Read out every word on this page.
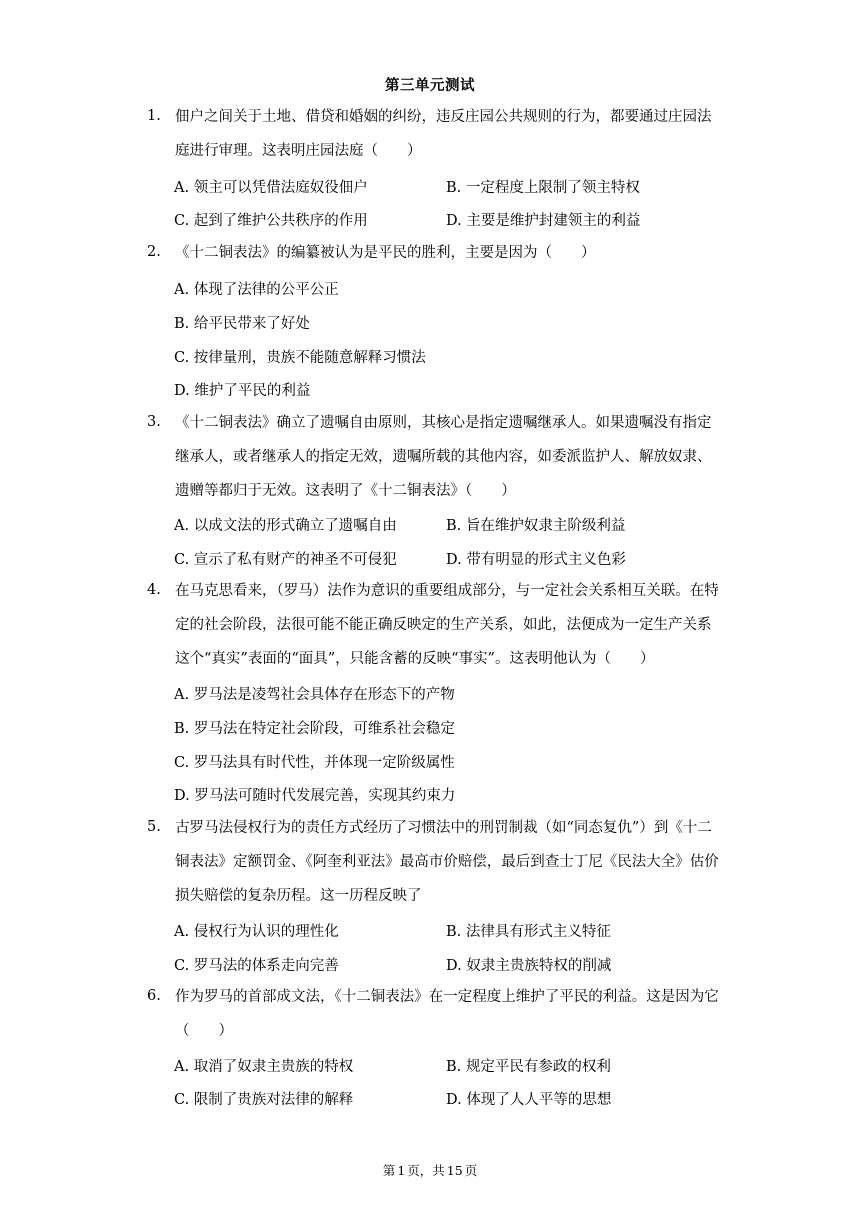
第三单元测试
1. 佃户之间关于土地、借贷和婚姻的纠纷，违反庄园公共规则的行为，都要通过庄园法庭进行审理。这表明庄园法庭（　　）
A. 领主可以凭借法庭奴役佃户	B. 一定程度上限制了领主特权
C. 起到了维护公共秩序的作用	D. 主要是维护封建领主的利益
2. 《十二铜表法》的编纂被认为是平民的胜利，主要是因为（　　）
A. 体现了法律的公平公正
B. 给平民带来了好处
C. 按律量刑，贵族不能随意解释习惯法
D. 维护了平民的利益
3. 《十二铜表法》确立了遗嘱自由原则，其核心是指定遗嘱继承人。如果遗嘱没有指定继承人，或者继承人的指定无效，遗嘱所载的其他内容，如委派监护人、解放奴隶、遗赠等都归于无效。这表明了《十二铜表法》（　　）
A. 以成文法的形式确立了遗嘱自由	B. 旨在维护奴隶主阶级利益
C. 宣示了私有财产的神圣不可侵犯	D. 带有明显的形式主义色彩
4. 在马克思看来，（罗马）法作为意识的重要组成部分，与一定社会关系相互关联。在特定的社会阶段，法很可能不能正确反映定的生产关系，如此，法便成为一定生产关系这个“真实”表面的“面具”，只能含蓄的反映“事实”。这表明他认为（　　）
A. 罗马法是凌驾社会具体存在形态下的产物
B. 罗马法在特定社会阶段，可维系社会稳定
C. 罗马法具有时代性，并体现一定阶级属性
D. 罗马法可随时代发展完善，实现其约束力
5. 古罗马法侵权行为的责任方式经历了习惯法中的刑罚制裁（如“同态复仇”）到《十二铜表法》定额罚金、《阿奎利亚法》最高市价赔偿，最后到查士丁尼《民法大全》估价损失赔偿的复杂历程。这一历程反映了
A. 侵权行为认识的理性化	B. 法律具有形式主义特征
C. 罗马法的体系走向完善	D. 奴隶主贵族特权的削减
6. 作为罗马的首部成文法，《十二铜表法》在一定程度上维护了平民的利益。这是因为它（　　）
A. 取消了奴隶主贵族的特权	B. 规定平民有参政的权利
C. 限制了贵族对法律的解释	D. 体现了人人平等的思想
第 1 页，共 15 页
